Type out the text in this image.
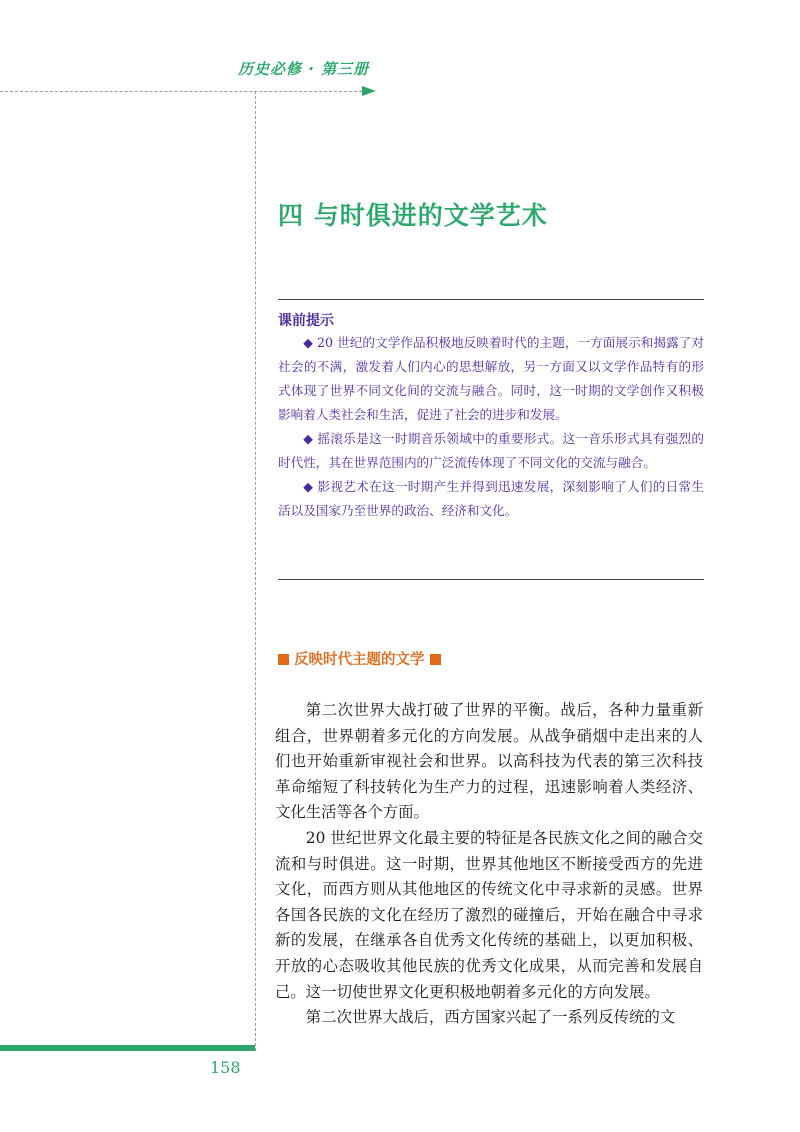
历史必修 · 第三册
四 与时俱进的文学艺术
课前提示

◆ 20 世纪的文学作品积极地反映着时代的主题，一方面展示和揭露了对社会的不满，激发着人们内心的思想解放，另一方面又以文学作品特有的形式体现了世界不同文化间的交流与融合。同时，这一时期的文学创作又积极影响着人类社会和生活，促进了社会的进步和发展。

◆ 摇滚乐是这一时期音乐领域中的重要形式。这一音乐形式具有强烈的时代性，其在世界范围内的广泛流传体现了不同文化的交流与融合。

◆ 影视艺术在这一时期产生并得到迅速发展，深刻影响了人们的日常生活以及国家乃至世界的政治、经济和文化。

反映时代主题的文学

第二次世界大战打破了世界的平衡。战后，各种力量重新组合，世界朝着多元化的方向发展。从战争硝烟中走出来的人们也开始重新审视社会和世界。以高科技为代表的第三次科技革命缩短了科技转化为生产力的过程，迅速影响着人类经济、文化生活等各个方面。

20 世纪世界文化最主要的特征是各民族文化之间的融合交流和与时俱进。这一时期，世界其他地区不断接受西方的先进文化，而西方则从其他地区的传统文化中寻求新的灵感。世界各国各民族的文化在经历了激烈的碰撞后，开始在融合中寻求新的发展，在继承各自优秀文化传统的基础上，以更加积极、开放的心态吸收其他民族的优秀文化成果，从而完善和发展自己。这一切使世界文化更积极地朝着多元化的方向发展。

第二次世界大战后，西方国家兴起了一系列反传统的文

158
